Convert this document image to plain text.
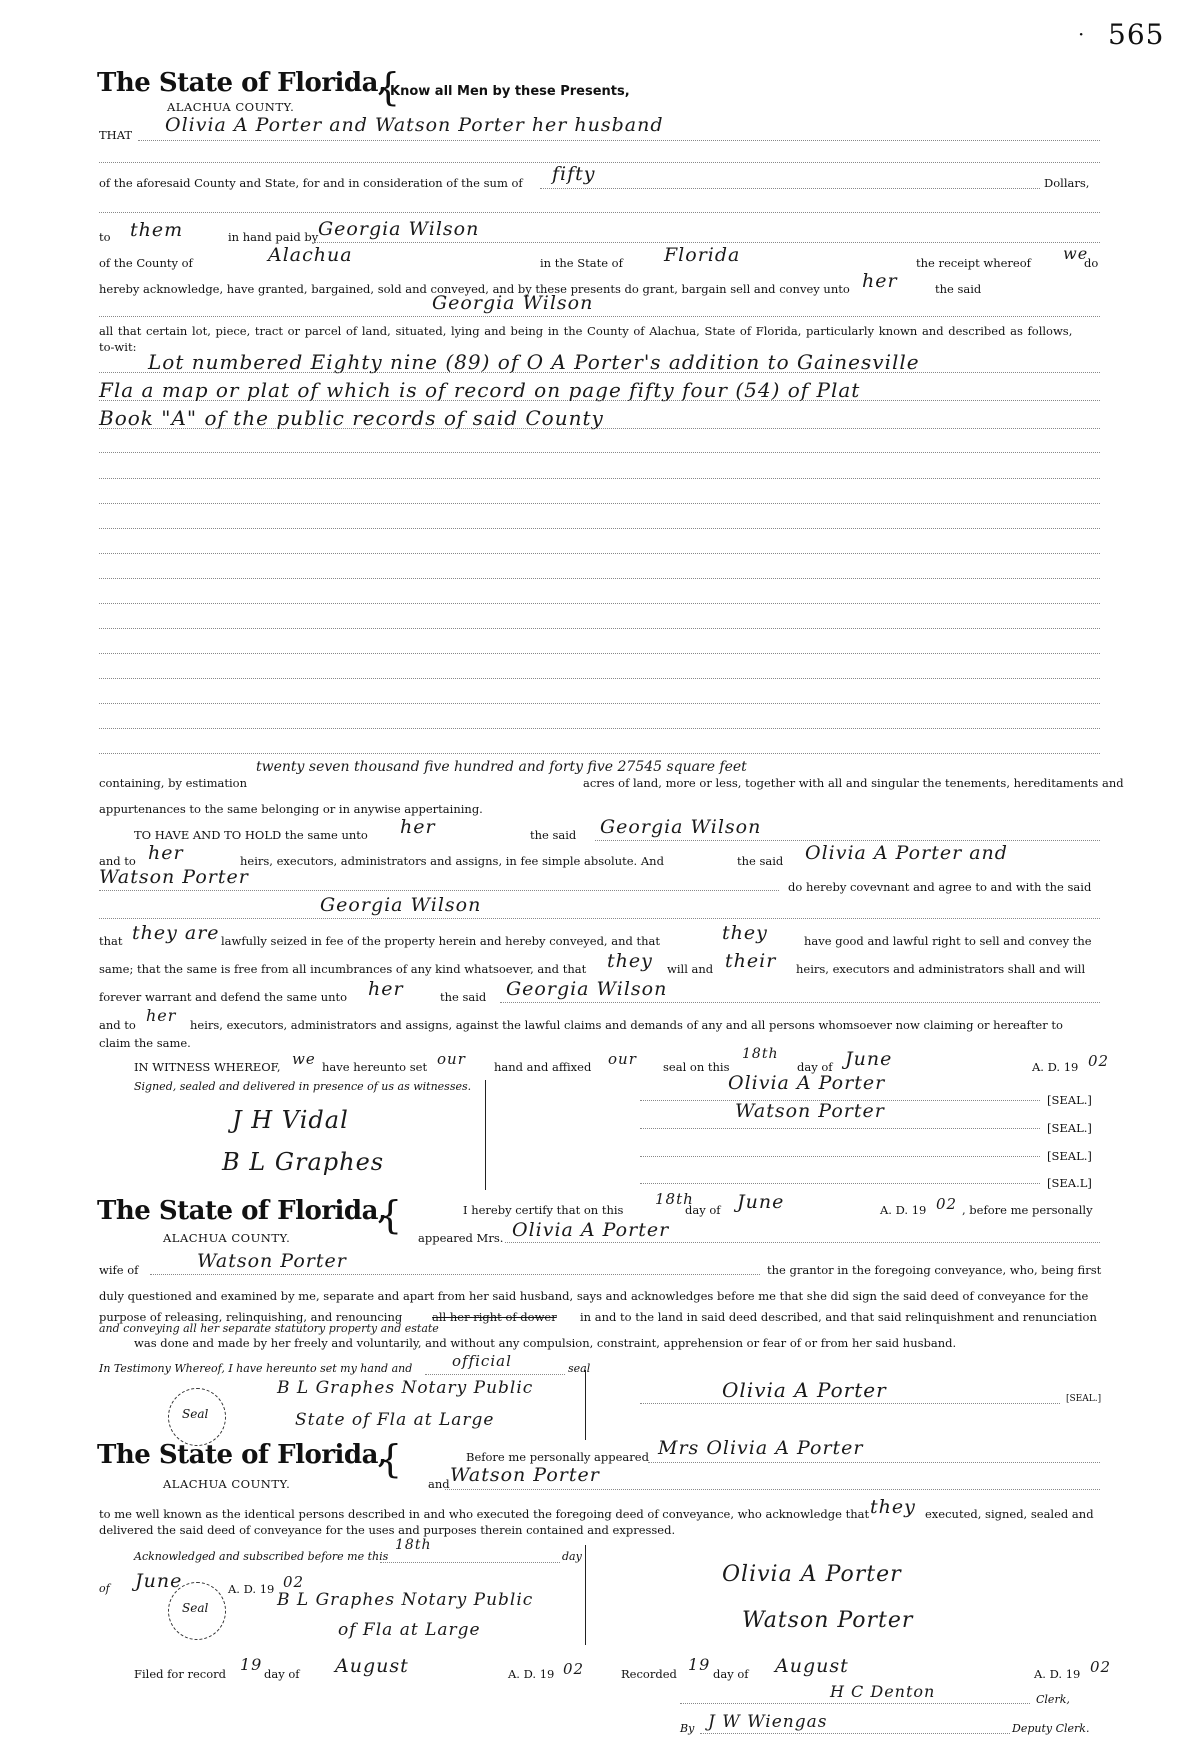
· 565
The State of Florida,
ALACHUA COUNTY. {
Know all Men by these Presents,
THAT Olivia A Porter and Watson Porter her husband
of the aforesaid County and State, for and in consideration of the sum of fifty	Dollars,
to them	in hand paid by Georgia Wilson
of the County of	Alachua	in the State of Florida	the receipt whereof we
do
hereby acknowledge, have granted, bargained, sold and conveyed, and by these presents do grant, bargain sell and convey unto her	the said
Georgia Wilson
all that certain lot, piece, tract or parcel of land, situated, lying and being in the County of Alachua, State of Florida, particularly known and described as follows,
to-wit:
Lot numbered Eighty nine (89) of O A Porter's addition to Gainesville
Fla a map or plat of which is of record on page fifty four (54) of Plat
Book "A" of the public records of said County
containing, by estimation
twenty seven thousand five hundred and forty five 27545 square feet
acres of land, more or less, together with all and singular the tenements, hereditaments and
appurtenances to the same belonging or in anywise appertaining.
TO HAVE AND TO HOLD the same unto her	the said Georgia Wilson
and to her	heirs, executors, administrators and assigns, in fee simple absolute. And	the said Olivia A Porter and
Watson Porter	do hereby covevnant and agree to and with the said
Georgia Wilson
that they are lawfully seized in fee of the property herein and hereby conveyed, and that	they	have good and lawful right to sell and convey the
same; that the same is free from all incumbrances of any kind whatsoever, and that they will and their heirs, executors and administrators shall and will
forever warrant and defend the same unto her	the said Georgia Wilson
and to her heirs, executors, administrators and assigns, against the lawful claims and demands of any and all persons whomsoever now claiming or hereafter to
claim the same.
IN WITNESS WHEREOF, we have hereunto set our hand and affixed our seal on this
18th
day of June	A. D. 19 02
Signed, sealed and delivered in presence of us as witnesses.
J H Vidal
B L Graphes
Olivia A Porter
[SEAL.]
Watson Porter
[SEAL.]
[SEAL.]
[SEA.L]
The State of Florida,
ALACHUA COUNTY.
{	I hereby certify that on this
18th
day of June	A. D. 19 02 , before me personally
appeared Mrs. Olivia A Porter
wife of	Watson Porter	the grantor in the foregoing conveyance, who, being first
duly questioned and examined by me, separate and apart from her said husband, says and acknowledges before me that she did sign the said deed of conveyance for the
purpose of releasing, relinquishing, and renouncing	all her right of dower in and to the land in said deed described, and that said relinquishment and renunciation
and conveying all her separate statutory property and estate
was done and made by her freely and voluntarily, and without any compulsion, constraint, apprehension or fear of or from her said husband.
In Testimony Whereof, I have hereunto set my hand and	official	seal
Seal
B L Graphes Notary Public
State of Fla at Large
Olivia A Porter	[SEAL.]
The State of Florida,
ALACHUA COUNTY.
{	Before me personally appeared Mrs Olivia A Porter
and Watson Porter
to me well known as the identical persons described in and who executed the foregoing deed of conveyance, who acknowledge that they executed, signed, sealed and
delivered the said deed of conveyance for the uses and purposes therein contained and expressed.
Acknowledged and subscribed before me this
18th
day
of June	A. D. 19 02
Seal	B L Graphes Notary Public
of Fla at Large
Olivia A Porter
Watson Porter
Filed for record 19 day of August	A. D. 19 02	Recorded 19 day of August	A. D. 19 02
H C Denton	Clerk,
By J W Wiengas	Deputy Clerk.
